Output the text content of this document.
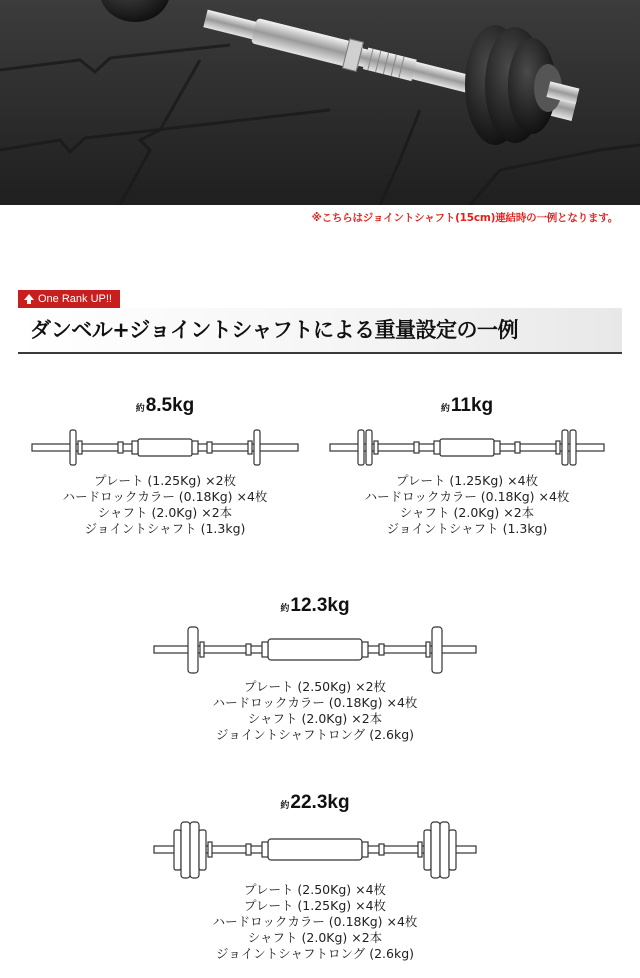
※こちらはジョイントシャフト(15cm)連結時の一例となります。
One Rank UP!!
ダンベル+ジョイントシャフトによる重量設定の一例
約8.5kg
プレート (1.25Kg) ×2枚
ハードロックカラー (0.18Kg) ×4枚
シャフト (2.0Kg) ×2本
ジョイントシャフト (1.3kg)
約11kg
プレート (1.25Kg) ×4枚
ハードロックカラー (0.18Kg) ×4枚
シャフト (2.0Kg) ×2本
ジョイントシャフト (1.3kg)
約12.3kg
プレート (2.50Kg) ×2枚
ハードロックカラー (0.18Kg) ×4枚
シャフト (2.0Kg) ×2本
ジョイントシャフトロング (2.6kg)
約22.3kg
プレート (2.50Kg) ×4枚
プレート (1.25Kg) ×4枚
ハードロックカラー (0.18Kg) ×4枚
シャフト (2.0Kg) ×2本
ジョイントシャフトロング (2.6kg)
